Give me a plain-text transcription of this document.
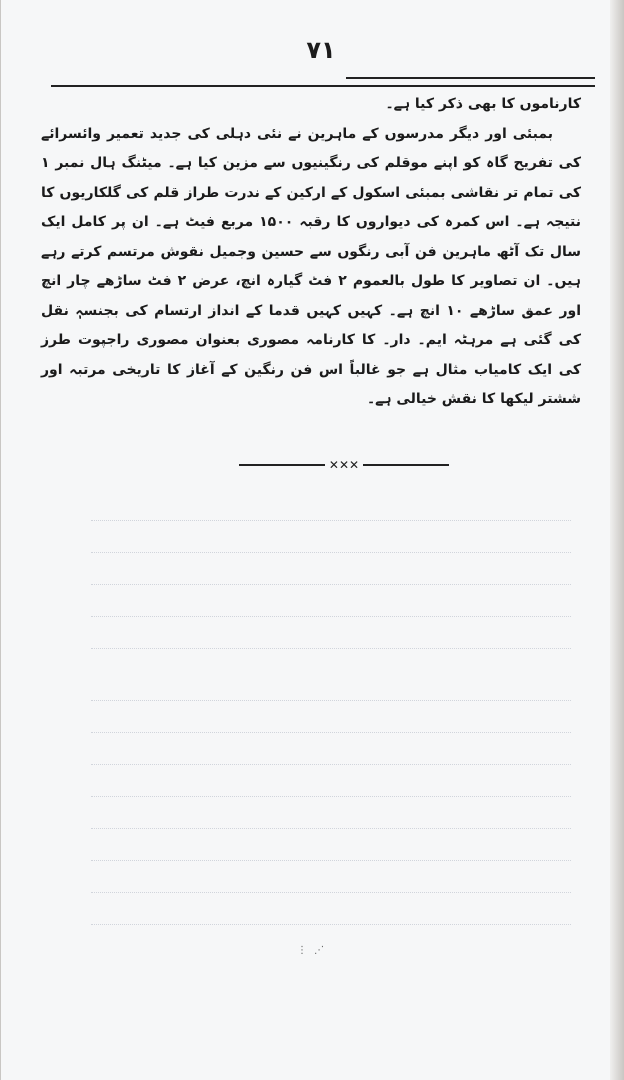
۷۱

کارناموں کا بھی ذکر کیا ہے۔

بمبئی اور دیگر مدرسوں کے ماہرین نے نئی دہلی کی جدید تعمیر وائسرائے کی تفریح گاہ کو اپنے موقلم کی رنگینیوں سے مزین کیا ہے۔ میٹنگ ہال نمبر ۱ کی تمام تر نقاشی بمبئی اسکول کے ارکین کے ندرت طراز قلم کی گلکاریوں کا نتیجہ ہے۔ اس کمرہ کی دیواروں کا رقبہ ۱۵۰۰ مربع فیٹ ہے۔ ان پر کامل ایک سال تک آٹھ ماہرین فن آبی رنگوں سے حسین وجمیل نقوش مرتسم کرتے رہے ہیں۔ ان تصاویر کا طول بالعموم ۲ فٹ گیارہ انچ، عرض ۲ فٹ ساڑھے چار انچ اور عمق ساڑھے ۱۰ انچ ہے۔ کہیں کہیں قدما کے انداز ارتسام کی بجنسہٖ نقل کی گئی ہے مرہٹہ ایم۔ دار۔ کا کارنامہ مصوری بعنوان مصوری راجپوت طرز کی ایک کامیاب مثال ہے جو غالباً اس فن رنگین کے آغاز کا تاریخی مرتبہ اور ششتر لیکھا کا نقش خیالی ہے۔

✕✕✕
⋮ ⋰
